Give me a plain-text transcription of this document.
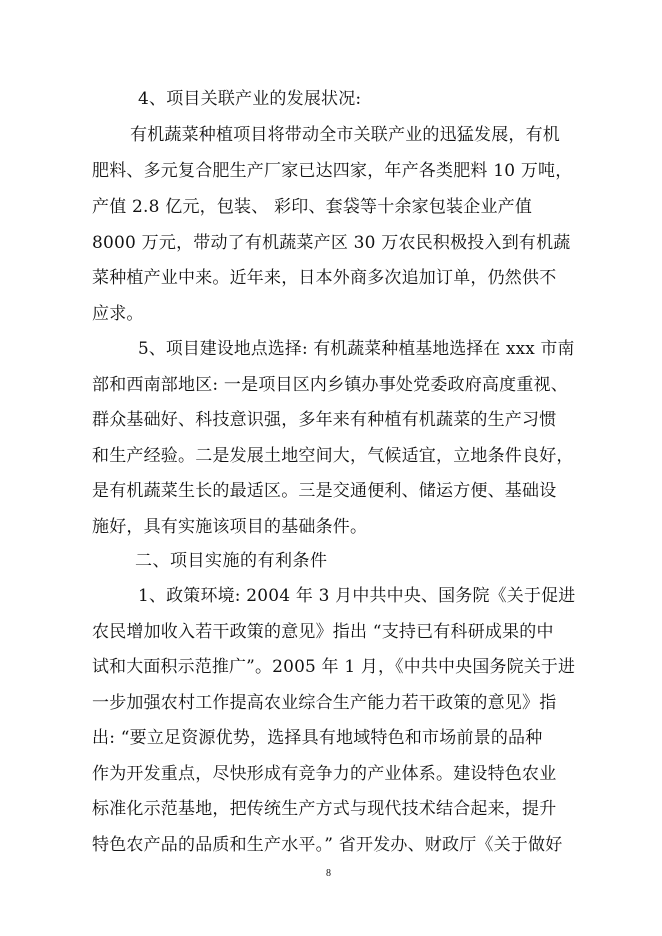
4、项目关联产业的发展状况:
有机蔬菜种植项目将带动全市关联产业的迅猛发展，有机
肥料、多元复合肥生产厂家已达四家，年产各类肥料 10 万吨，
产值 2.8 亿元，包装、 彩印、套袋等十余家包装企业产值
8000 万元，带动了有机蔬菜产区 30 万农民积极投入到有机蔬
菜种植产业中来。近年来，日本外商多次追加订单，仍然供不
应求。
5、项目建设地点选择: 有机蔬菜种植基地选择在 xxx 市南
部和西南部地区: 一是项目区内乡镇办事处党委政府高度重视、
群众基础好、科技意识强，多年来有种植有机蔬菜的生产习惯
和生产经验。二是发展土地空间大，气候适宜，立地条件良好，
是有机蔬菜生长的最适区。三是交通便利、储运方便、基础设
施好，具有实施该项目的基础条件。
二、项目实施的有利条件
1、政策环境: 2004 年 3 月中共中央、国务院《关于促进
农民增加收入若干政策的意见》指出 “支持已有科研成果的中
试和大面积示范推广”。2005 年 1 月，《中共中央国务院关于进
一步加强农村工作提高农业综合生产能力若干政策的意见》指
出: “要立足资源优势，选择具有地域特色和市场前景的品种
作为开发重点，尽快形成有竞争力的产业体系。建设特色农业
标准化示范基地，把传统生产方式与现代技术结合起来，提升
特色农产品的品质和生产水平。” 省开发办、财政厅《关于做好
8
